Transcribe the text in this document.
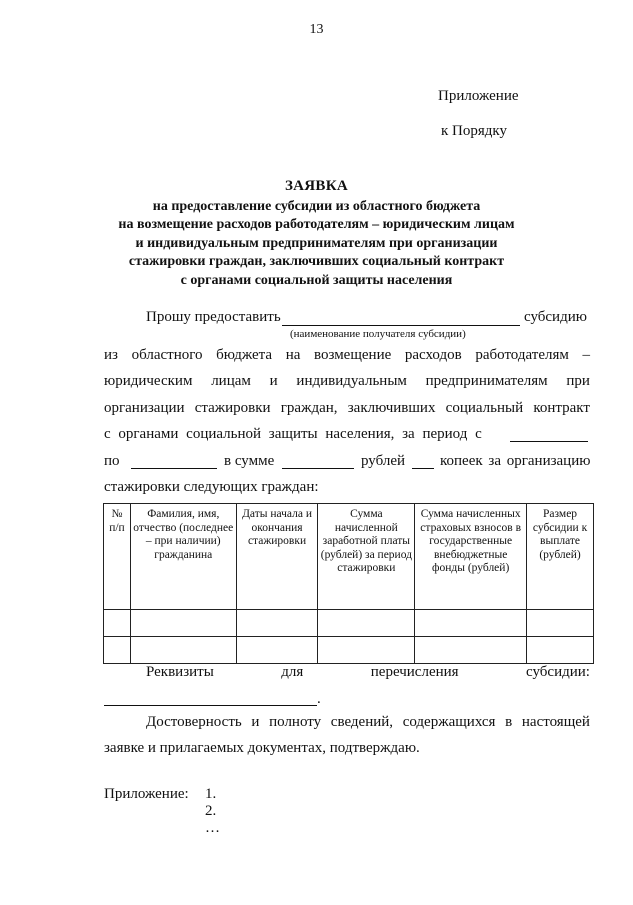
13
Приложение
к Порядку
ЗАЯВКА
на предоставление субсидии из областного бюджета
на возмещение расходов работодателям – юридическим лицам
и индивидуальным предпринимателям при организации
стажировки граждан, заключивших социальный контракт
с органами социальной защиты населения
Прошу предоставить	субсидию
(наименование получателя субсидии)
из областного бюджета на возмещение расходов работодателям –
юридическим лицам и индивидуальным предпринимателям при
организации стажировки граждан, заключивших социальный контракт
с органами социальной защиты населения, за период с
по	в сумме	рублей копеек за организацию
стажировки следующих граждан:
№ п/п	Фамилия, имя, отчество (последнее – при наличии) гражданина	Даты начала и окончания стажировки	Сумма начисленной заработной платы (рублей) за период стажировки	Сумма начисленных страховых взносов в государственные внебюджетные фонды (рублей)	Размер субсидии к выплате (рублей)

Реквизиты	для	перечисления	субсидии:
.
Достоверность и полноту сведений, содержащихся в настоящей
заявке и прилагаемых документах, подтверждаю.
Приложение: 1.
2.
…
